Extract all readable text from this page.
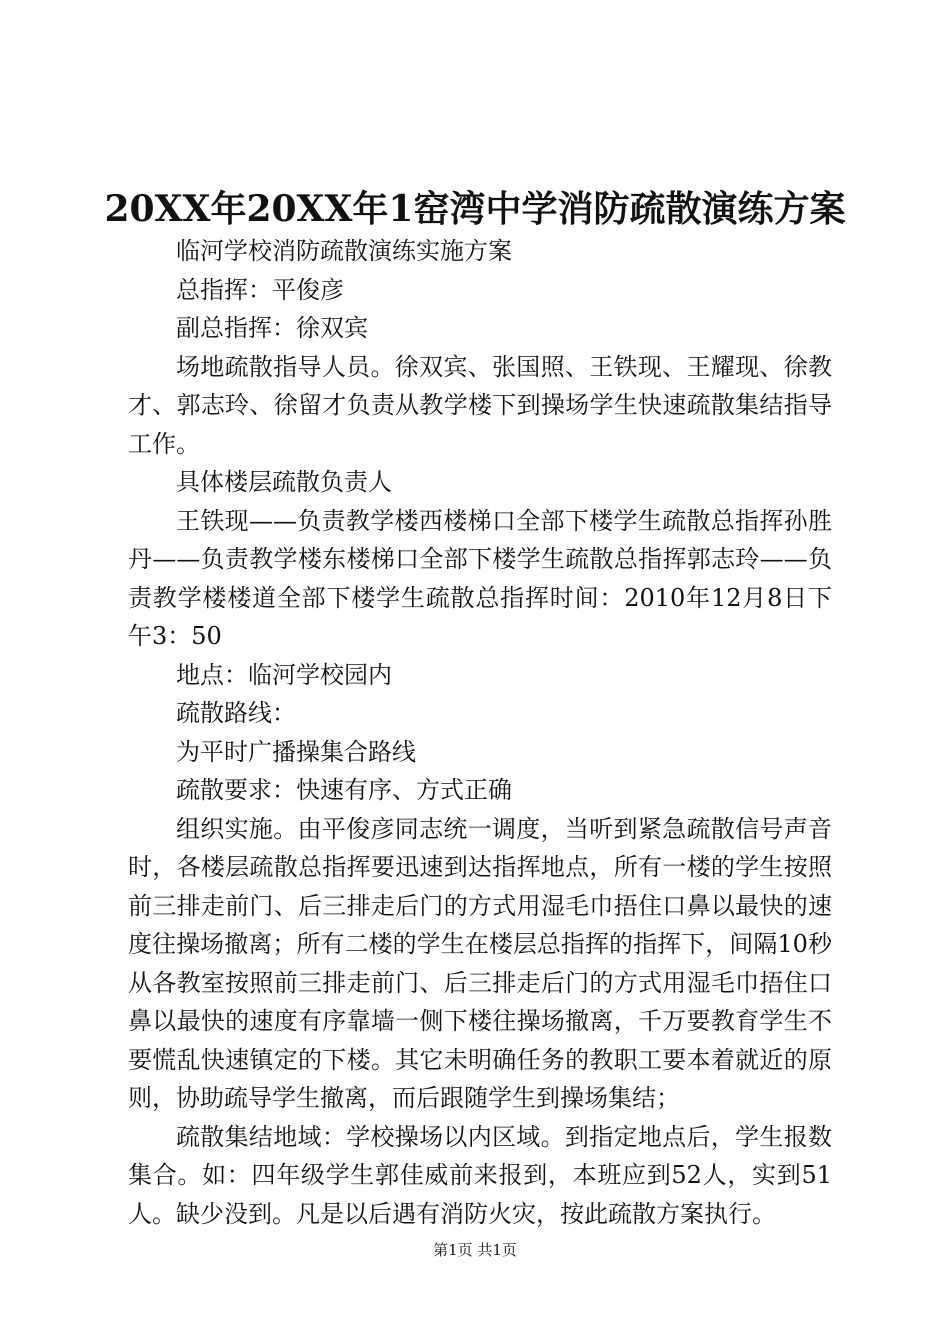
20XX年20XX年1窑湾中学消防疏散演练方案

临河学校消防疏散演练实施方案

总指挥：平俊彦

副总指挥：徐双宾

场地疏散指导人员。徐双宾、张国照、王铁现、王耀现、徐教才、郭志玲、徐留才负责从教学楼下到操场学生快速疏散集结指导工作。

具体楼层疏散负责人

王铁现——负责教学楼西楼梯口全部下楼学生疏散总指挥孙胜丹——负责教学楼东楼梯口全部下楼学生疏散总指挥郭志玲——负责教学楼楼道全部下楼学生疏散总指挥时间：2010年12月8日下午3：50

地点：临河学校园内

疏散路线：

为平时广播操集合路线

疏散要求：快速有序、方式正确

组织实施。由平俊彦同志统一调度，当听到紧急疏散信号声音时，各楼层疏散总指挥要迅速到达指挥地点，所有一楼的学生按照前三排走前门、后三排走后门的方式用湿毛巾捂住口鼻以最快的速度往操场撤离；所有二楼的学生在楼层总指挥的指挥下，间隔10秒从各教室按照前三排走前门、后三排走后门的方式用湿毛巾捂住口鼻以最快的速度有序靠墙一侧下楼往操场撤离，千万要教育学生不要慌乱快速镇定的下楼。其它未明确任务的教职工要本着就近的原则，协助疏导学生撤离，而后跟随学生到操场集结；

疏散集结地域：学校操场以内区域。到指定地点后，学生报数集合。如：四年级学生郭佳威前来报到，本班应到52人，实到51人。缺少没到。凡是以后遇有消防火灾，按此疏散方案执行。

第1页 共1页
